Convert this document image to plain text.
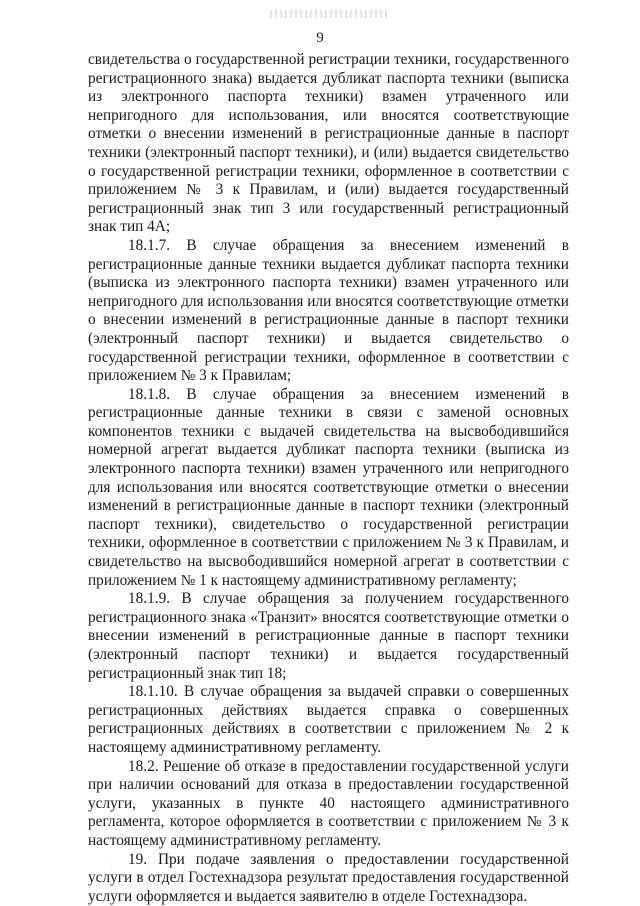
9

свидетельства о государственной регистрации техники, государственного регистрационного знака) выдается дубликат паспорта техники (выписка из электронного паспорта техники) взамен утраченного или непригодного для использования, или вносятся соответствующие отметки о внесении изменений в регистрационные данные в паспорт техники (электронный паспорт техники), и (или) выдается свидетельство о государственной регистрации техники, оформленное в соответствии с приложением № 3 к Правилам, и (или) выдается государственный регистрационный знак тип 3 или государственный регистрационный знак тип 4А;

18.1.7. В случае обращения за внесением изменений в регистрационные данные техники выдается дубликат паспорта техники (выписка из электронного паспорта техники) взамен утраченного или непригодного для использования или вносятся соответствующие отметки о внесении изменений в регистрационные данные в паспорт техники (электронный паспорт техники) и выдается свидетельство о государственной регистрации техники, оформленное в соответствии с приложением № 3 к Правилам;

18.1.8. В случае обращения за внесением изменений в регистрационные данные техники в связи с заменой основных компонентов техники с выдачей свидетельства на высвободившийся номерной агрегат выдается дубликат паспорта техники (выписка из электронного паспорта техники) взамен утраченного или непригодного для использования или вносятся соответствующие отметки о внесении изменений в регистрационные данные в паспорт техники (электронный паспорт техники), свидетельство о государственной регистрации техники, оформленное в соответствии с приложением № 3 к Правилам, и свидетельство на высвободившийся номерной агрегат в соответствии с приложением № 1 к настоящему административному регламенту;

18.1.9. В случае обращения за получением государственного регистрационного знака «Транзит» вносятся соответствующие отметки о внесении изменений в регистрационные данные в паспорт техники (электронный паспорт техники) и выдается государственный регистрационный знак тип 18;

18.1.10. В случае обращения за выдачей справки о совершенных регистрационных действиях выдается справка о совершенных регистрационных действиях в соответствии с приложением № 2 к настоящему административному регламенту.

18.2. Решение об отказе в предоставлении государственной услуги при наличии оснований для отказа в предоставлении государственной услуги, указанных в пункте 40 настоящего административного регламента, которое оформляется в соответствии с приложением № 3 к настоящему административному регламенту.

19. При подаче заявления о предоставлении государственной услуги в отдел Гостехнадзора результат предоставления государственной услуги оформляется и выдается заявителю в отделе Гостехнадзора.
